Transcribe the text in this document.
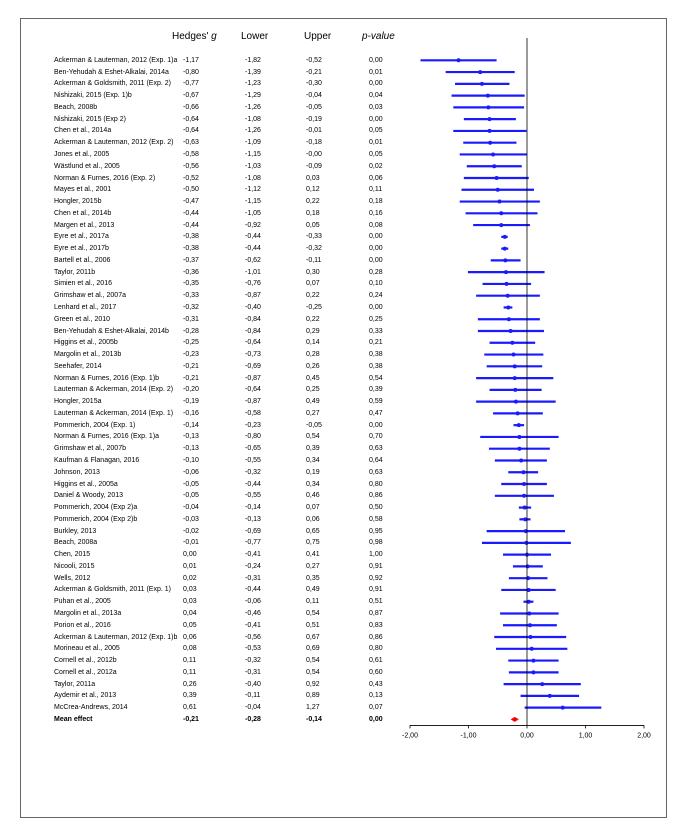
Hedges' g Lower	Upper	p-value
Ackerman & Lauterman, 2012 (Exp. 1)a -1,17	-1,82	-0,52	0,00
Ben-Yehudah & Eshet-Alkalai, 2014a -0,80	-1,39	-0,21	0,01
Ackerman & Goldsmith, 2011 (Exp. 2) -0,77	-1,23	-0,30	0,00
Nishizaki, 2015 (Exp. 1)b	-0,67	-1,29	-0,04	0,04
Beach, 2008b	-0,66	-1,26	-0,05	0,03
Nishizaki, 2015 (Exp 2)	-0,64	-1,08	-0,19	0,00
Chen et al., 2014a	-0,64	-1,26	-0,01	0,05
Ackerman & Lauterman, 2012 (Exp. 2) -0,63	-1,09	-0,18	0,01
Jones et al., 2005	-0,58	-1,15	-0,00	0,05
Wästlund et al., 2005	-0,56	-1,03	-0,09	0,02
Norman & Furnes, 2016 (Exp. 2)	-0,52	-1,08	0,03	0,06
Mayes et al., 2001	-0,50	-1,12	0,12	0,11
Hongler, 2015b	-0,47	-1,15	0,22	0,18
Chen et al., 2014b	-0,44	-1,05	0,18	0,16
Margen et al., 2013	-0,44	-0,92	0,05	0,08
Eyre et al., 2017a	-0,38	-0,44	-0,33	0,00
Eyre et al., 2017b	-0,38	-0,44	-0,32	0,00
Bartell et al., 2006	-0,37	-0,62	-0,11	0,00
Taylor, 2011b	-0,36	-1,01	0,30	0,28
Simien et al., 2016	-0,35	-0,76	0,07	0,10
Grimshaw et al., 2007a	-0,33	-0,87	0,22	0,24
Lenhard et al., 2017	-0,32	-0,40	-0,25	0,00
Green et al., 2010	-0,31	-0,84	0,22	0,25
Ben-Yehudah & Eshet-Alkalai, 2014b -0,28	-0,84	0,29	0,33
Higgins et al., 2005b	-0,25	-0,64	0,14	0,21
Margolin et al., 2013b	-0,23	-0,73	0,28	0,38
Seehafer, 2014	-0,21	-0,69	0,26	0,38
Norman & Furnes, 2016 (Exp. 1)b	-0,21	-0,87	0,45	0,54
Lauterman & Ackerman, 2014 (Exp. 2) -0,20	-0,64	0,25	0,39
Hongler, 2015a	-0,19	-0,87	0,49	0,59
Lauterman & Ackerman, 2014 (Exp. 1) -0,16	-0,58	0,27	0,47
Pommerich, 2004 (Exp. 1)	-0,14	-0,23	-0,05	0,00
Norman & Furnes, 2016 (Exp. 1)a	-0,13	-0,80	0,54	0,70
Grimshaw et al., 2007b	-0,13	-0,65	0,39	0,63
Kaufman & Flanagan, 2016	-0,10	-0,55	0,34	0,64
Johnson, 2013	-0,06	-0,32	0,19	0,63
Higgins et al., 2005a	-0,05	-0,44	0,34	0,80
Daniel & Woody, 2013	-0,05	-0,55	0,46	0,86
Pommerich, 2004 (Exp 2)a	-0,04	-0,14	0,07	0,50
Pommerich, 2004 (Exp 2)b	-0,03	-0,13	0,06	0,58
Burkley, 2013	-0,02	-0,69	0,65	0,95
Beach, 2008a	-0,01	-0,77	0,75	0,98
Chen, 2015	0,00	-0,41	0,41	1,00
Nicooli, 2015	0,01	-0,24	0,27	0,91
Wells, 2012	0,02	-0,31	0,35	0,92
Ackerman & Goldsmith, 2011 (Exp. 1) 0,03	-0,44	0,49	0,91
Puhan et al., 2005	0,03	-0,06	0,11	0,51
Margolin et al., 2013a	0,04	-0,46	0,54	0,87
Porion et al., 2016	0,05	-0,41	0,51	0,83
Ackerman & Lauterman, 2012 (Exp. 1)b 0,06	-0,56	0,67	0,86
Morineau et al., 2005	0,08	-0,53	0,69	0,80
Cornell et al., 2012b	0,11	-0,32	0,54	0,61
Cornell et al., 2012a	0,11	-0,31	0,54	0,60
Taylor, 2011a	0,26	-0,40	0,92	0,43
Aydemir et al., 2013	0,39	-0,11	0,89	0,13
McCrea-Andrews, 2014	0,61	-0,04	1,27	0,07
Mean effect	-0,21	-0,28	-0,14	0,00
-2,00	-1,00	0,00	1,00	2,00
